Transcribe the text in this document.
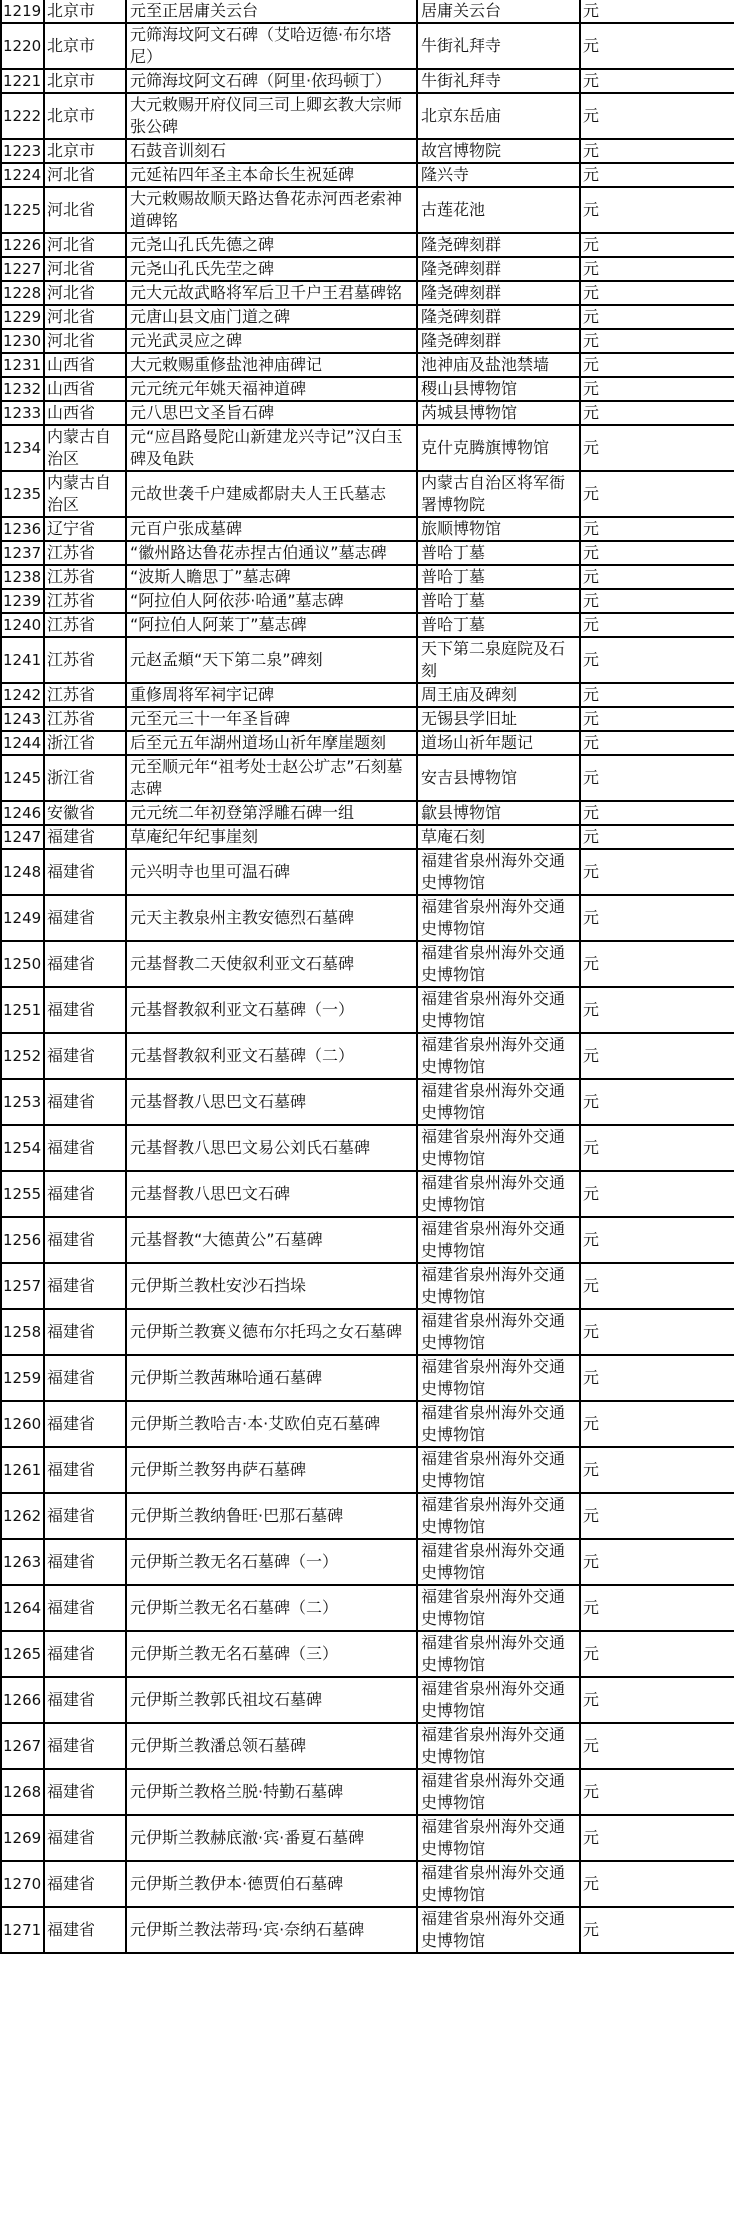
1219	北京市	元至正居庸关云台	居庸关云台	元
1220	北京市	元筛海坟阿文石碑（艾哈迈德·布尔塔尼）	牛街礼拜寺	元
1221	北京市	元筛海坟阿文石碑（阿里·依玛顿丁）	牛街礼拜寺	元
1222	北京市	大元敕赐开府仪同三司上卿玄教大宗师张公碑	北京东岳庙	元
1223	北京市	石鼓音训刻石	故宫博物院	元
1224	河北省	元延祐四年圣主本命长生祝延碑	隆兴寺	元
1225	河北省	大元敕赐故顺天路达鲁花赤河西老索神道碑铭	古莲花池	元
1226	河北省	元尧山孔氏先德之碑	隆尧碑刻群	元
1227	河北省	元尧山孔氏先茔之碑	隆尧碑刻群	元
1228	河北省	元大元故武略将军后卫千户王君墓碑铭	隆尧碑刻群	元
1229	河北省	元唐山县文庙门道之碑	隆尧碑刻群	元
1230	河北省	元光武灵应之碑	隆尧碑刻群	元
1231	山西省	大元敕赐重修盐池神庙碑记	池神庙及盐池禁墙	元
1232	山西省	元元统元年姚天福神道碑	稷山县博物馆	元
1233	山西省	元八思巴文圣旨石碑	芮城县博物馆	元
1234	内蒙古自治区	元“应昌路曼陀山新建龙兴寺记”汉白玉碑及龟趺	克什克腾旗博物馆	元
1235	内蒙古自治区	元故世袭千户建威都尉夫人王氏墓志	内蒙古自治区将军衙署博物院	元
1236	辽宁省	元百户张成墓碑	旅顺博物馆	元
1237	江苏省	“徽州路达鲁花赤捏古伯通议”墓志碑	普哈丁墓	元
1238	江苏省	“波斯人瞻思丁”墓志碑	普哈丁墓	元
1239	江苏省	“阿拉伯人阿依莎·哈通”墓志碑	普哈丁墓	元
1240	江苏省	“阿拉伯人阿莱丁”墓志碑	普哈丁墓	元
1241	江苏省	元赵孟頫“天下第二泉”碑刻	天下第二泉庭院及石刻	元
1242	江苏省	重修周将军祠宇记碑	周王庙及碑刻	元
1243	江苏省	元至元三十一年圣旨碑	无锡县学旧址	元
1244	浙江省	后至元五年湖州道场山祈年摩崖题刻	道场山祈年题记	元
1245	浙江省	元至顺元年“祖考处士赵公圹志”石刻墓志碑	安吉县博物馆	元
1246	安徽省	元元统二年初登第浮雕石碑一组	歙县博物馆	元
1247	福建省	草庵纪年纪事崖刻	草庵石刻	元
1248	福建省	元兴明寺也里可温石碑	福建省泉州海外交通史博物馆	元
1249	福建省	元天主教泉州主教安德烈石墓碑	福建省泉州海外交通史博物馆	元
1250	福建省	元基督教二天使叙利亚文石墓碑	福建省泉州海外交通史博物馆	元
1251	福建省	元基督教叙利亚文石墓碑（一）	福建省泉州海外交通史博物馆	元
1252	福建省	元基督教叙利亚文石墓碑（二）	福建省泉州海外交通史博物馆	元
1253	福建省	元基督教八思巴文石墓碑	福建省泉州海外交通史博物馆	元
1254	福建省	元基督教八思巴文易公刘氏石墓碑	福建省泉州海外交通史博物馆	元
1255	福建省	元基督教八思巴文石碑	福建省泉州海外交通史博物馆	元
1256	福建省	元基督教“大德黄公”石墓碑	福建省泉州海外交通史博物馆	元
1257	福建省	元伊斯兰教杜安沙石挡垛	福建省泉州海外交通史博物馆	元
1258	福建省	元伊斯兰教赛义德布尔托玛之女石墓碑	福建省泉州海外交通史博物馆	元
1259	福建省	元伊斯兰教茜琳哈通石墓碑	福建省泉州海外交通史博物馆	元
1260	福建省	元伊斯兰教哈吉·本·艾欧伯克石墓碑	福建省泉州海外交通史博物馆	元
1261	福建省	元伊斯兰教努冉萨石墓碑	福建省泉州海外交通史博物馆	元
1262	福建省	元伊斯兰教纳鲁旺·巴那石墓碑	福建省泉州海外交通史博物馆	元
1263	福建省	元伊斯兰教无名石墓碑（一）	福建省泉州海外交通史博物馆	元
1264	福建省	元伊斯兰教无名石墓碑（二）	福建省泉州海外交通史博物馆	元
1265	福建省	元伊斯兰教无名石墓碑（三）	福建省泉州海外交通史博物馆	元
1266	福建省	元伊斯兰教郭氏祖坟石墓碑	福建省泉州海外交通史博物馆	元
1267	福建省	元伊斯兰教潘总领石墓碑	福建省泉州海外交通史博物馆	元
1268	福建省	元伊斯兰教格兰脱·特勤石墓碑	福建省泉州海外交通史博物馆	元
1269	福建省	元伊斯兰教赫底澈·宾·番夏石墓碑	福建省泉州海外交通史博物馆	元
1270	福建省	元伊斯兰教伊本·德贾伯石墓碑	福建省泉州海外交通史博物馆	元
1271	福建省	元伊斯兰教法蒂玛·宾·奈纳石墓碑	福建省泉州海外交通史博物馆	元
